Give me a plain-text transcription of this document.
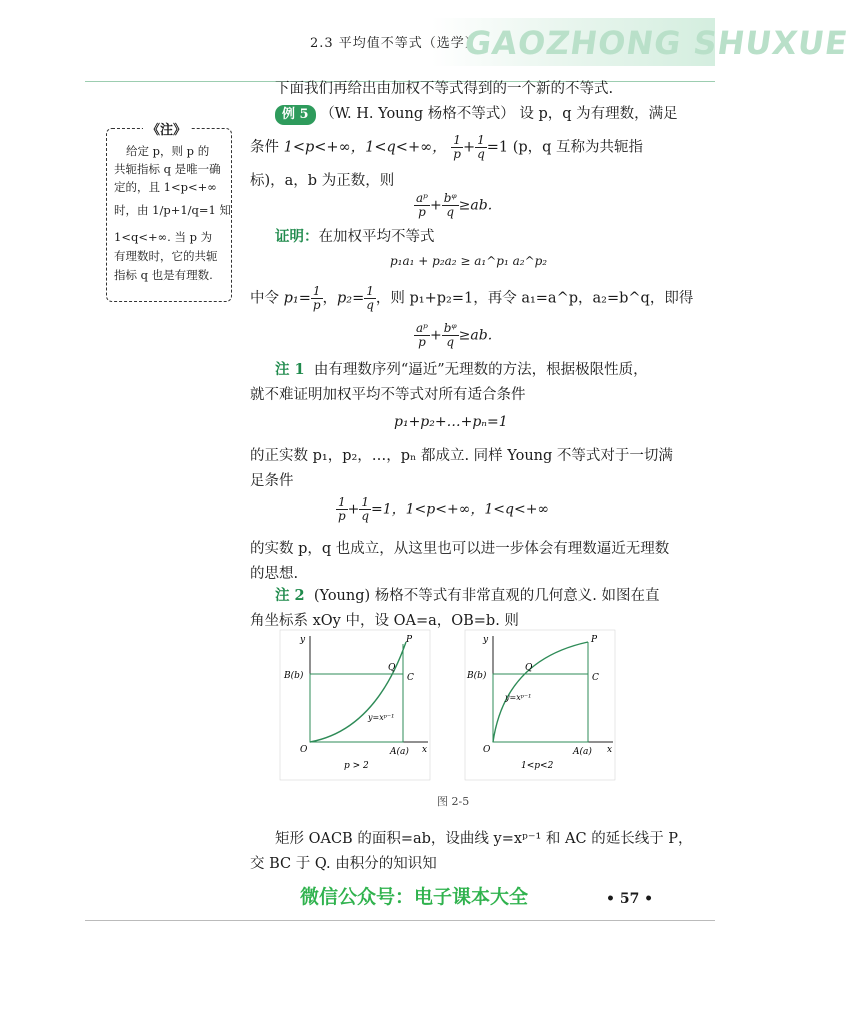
2.3 平均值不等式（选学）
GAOZHONG SHUXUE
下面我们再给出由加权不等式得到的一个新的不等式.
例 5 （W. H. Young 杨格不等式） 设 p，q 为有理数，满足
条件 1<p<+∞，1<q<+∞， $\frac{1}{p} + \frac{1}{q} =1$ (p，q 互称为共轭指
标)，a，b 为正数，则
$\frac{\text{aᵖ}}{p} + \frac{\text{bᵠ}}{q} \ge ab$.
证明：在加权平均不等式
p₁a₁ + p₂a₂ ≥ a₁^p₁ a₂^p₂
中令 $p_1= \frac{1}{p}$ ，$p_2= \frac{1}{q}$ ，则 p₁+p₂=1，再令 a₁=a^p，a₂=b^q，即得
$\frac{\text{aᵖ}}{p} + \frac{\text{bᵠ}}{q} \ge ab$.
注 1 由有理数序列“逼近”无理数的方法，根据极限性质，
就不难证明加权平均不等式对所有适合条件
p₁+p₂+…+pₙ=1
的正实数 p₁，p₂，…，pₙ 都成立. 同样 Young 不等式对于一切满
足条件
$\frac{1}{p} + \frac{1}{q} =1$，1<p<+∞，1<q<+∞
的实数 p，q 也成立，从这里也可以进一步体会有理数逼近无理数
的思想.
注 2 (Young) 杨格不等式有非常直观的几何意义. 如图在直
角坐标系 xOy 中，设 OA=a，OB=b. 则
y
x
P
Q
C
B(b)
A(a)
O
y=xᵖ⁻¹
p > 2
y
x
P
Q
C
B(b)
A(a)
O
y=xᵖ⁻¹
1<p<2
图 2-5
矩形 OACB 的面积=ab，设曲线 y=xᵖ⁻¹ 和 AC 的延长线于 P，
交 BC 于 Q. 由积分的知识知
《注》
给定 p，则 p 的
共轭指标 q 是唯一确
定的，且 1<p<+∞
时，由 1/p+1/q=1 知
1<q<+∞. 当 p 为
有理数时，它的共轭
指标 q 也是有理数.
微信公众号：电子课本大全	• 57 •
